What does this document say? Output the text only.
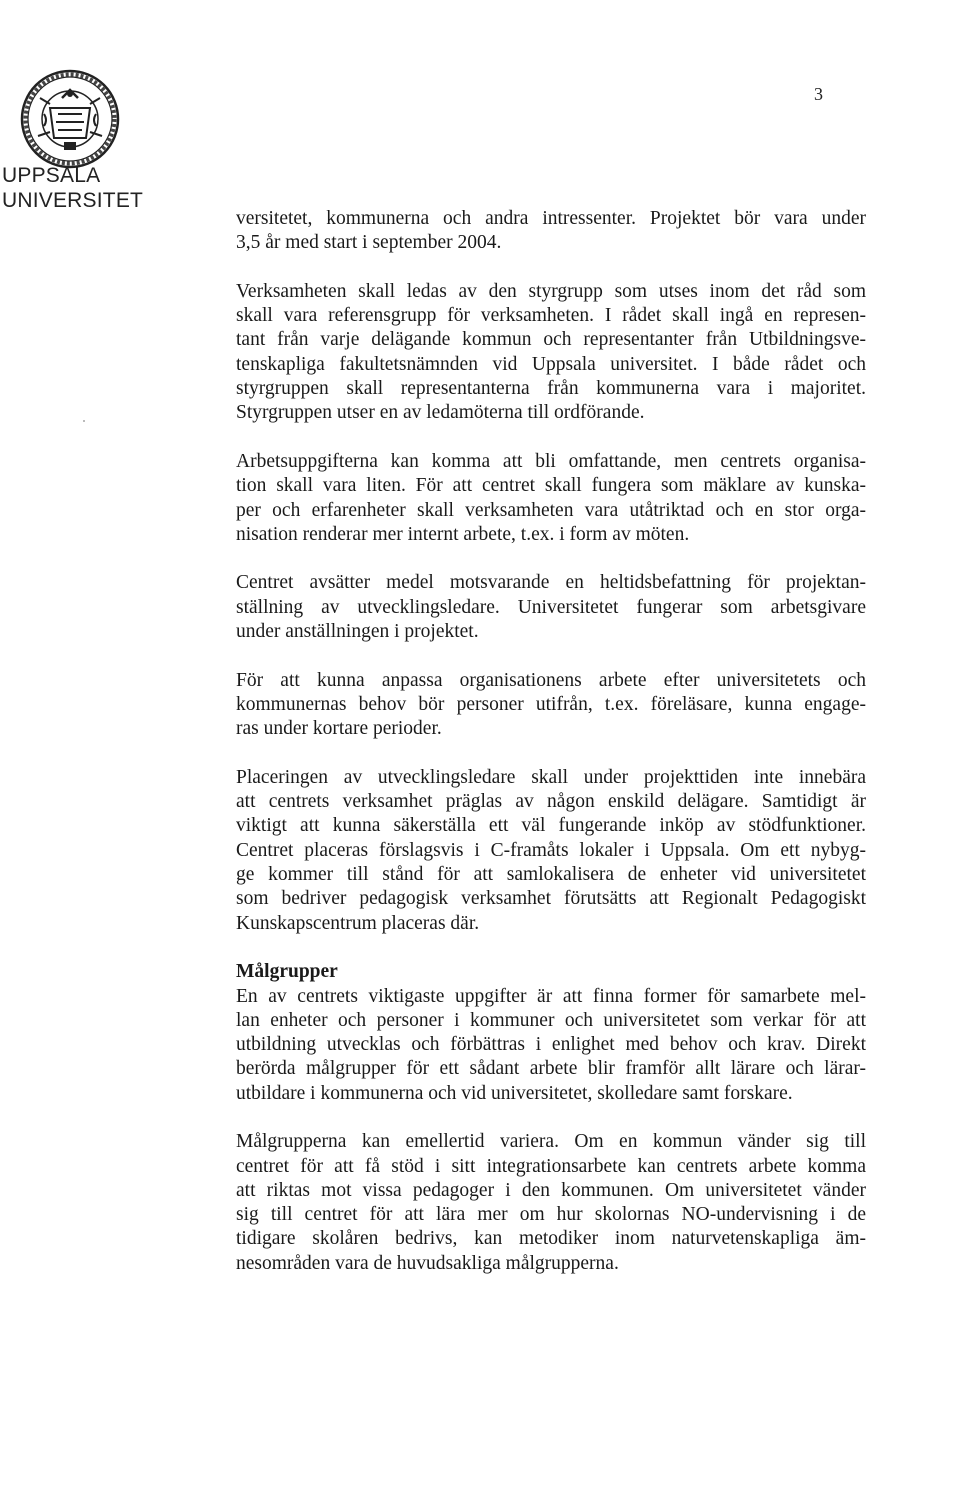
UPPSALA
UNIVERSITET
3
versitetet, kommunerna och andra intressenter. Projektet bör vara under
3,5 år med start i september 2004.
Verksamheten skall ledas av den styrgrupp som utses inom det råd som
skall vara referensgrupp för verksamheten. I rådet skall ingå en represen-
tant från varje delägande kommun och representanter från Utbildningsve-
tenskapliga fakultetsnämnden vid Uppsala universitet. I både rådet och
styrgruppen skall representanterna från kommunerna vara i majoritet.
Styrgruppen utser en av ledamöterna till ordförande.
Arbetsuppgifterna kan komma att bli omfattande, men centrets organisa-
tion skall vara liten. För att centret skall fungera som mäklare av kunska-
per och erfarenheter skall verksamheten vara utåtriktad och en stor orga-
nisation renderar mer internt arbete, t.ex. i form av möten.
Centret avsätter medel motsvarande en heltidsbefattning för projektan-
ställning av utvecklingsledare. Universitetet fungerar som arbetsgivare
under anställningen i projektet.
För att kunna anpassa organisationens arbete efter universitetets och
kommunernas behov bör personer utifrån, t.ex. föreläsare, kunna engage-
ras under kortare perioder.
Placeringen av utvecklingsledare skall under projekttiden inte innebära
att centrets verksamhet präglas av någon enskild delägare. Samtidigt är
viktigt att kunna säkerställa ett väl fungerande inköp av stödfunktioner.
Centret placeras förslagsvis i C-framåts lokaler i Uppsala. Om ett nybyg-
ge kommer till stånd för att samlokalisera de enheter vid universitetet
som bedriver pedagogisk verksamhet förutsätts att Regionalt Pedagogiskt
Kunskapscentrum placeras där.
Målgrupper
En av centrets viktigaste uppgifter är att finna former för samarbete mel-
lan enheter och personer i kommuner och universitetet som verkar för att
utbildning utvecklas och förbättras i enlighet med behov och krav. Direkt
berörda målgrupper för ett sådant arbete blir framför allt lärare och lärar-
utbildare i kommunerna och vid universitetet, skolledare samt forskare.
Målgrupperna kan emellertid variera. Om en kommun vänder sig till
centret för att få stöd i sitt integrationsarbete kan centrets arbete komma
att riktas mot vissa pedagoger i den kommunen. Om universitetet vänder
sig till centret för att lära mer om hur skolornas NO-undervisning i de
tidigare skolåren bedrivs, kan metodiker inom naturvetenskapliga äm-
nesområden vara de huvudsakliga målgrupperna.
